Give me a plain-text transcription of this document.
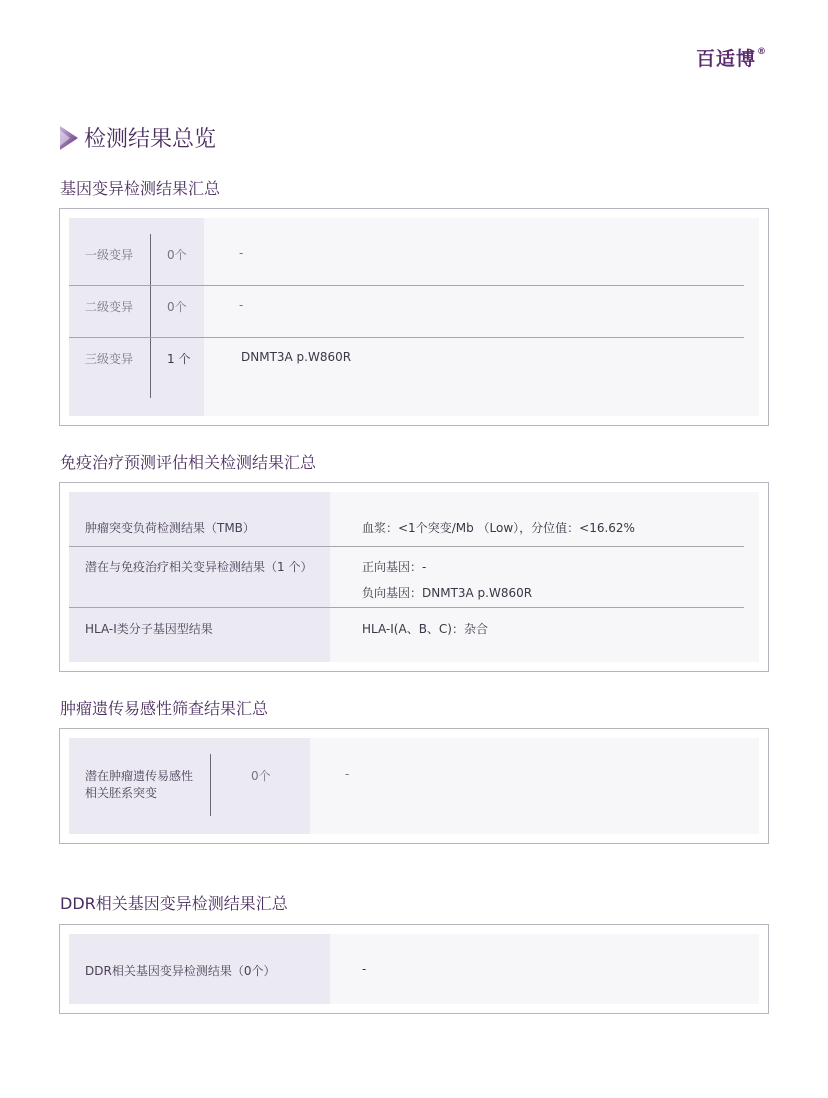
百适博®
检测结果总览
基因变异检测结果汇总
一级变异	0个	-
二级变异	0个	-
三级变异	1 个	DNMT3A p.W860R
免疫治疗预测评估相关检测结果汇总
肿瘤突变负荷检测结果（TMB）	血浆：<1个突变/Mb （Low），分位值：<16.62%
潜在与免疫治疗相关变异检测结果（1 个）	正向基因：-
负向基因：DNMT3A p.W860R
HLA-I类分子基因型结果	HLA-I(A、B、C)：杂合
肿瘤遗传易感性筛查结果汇总
潜在肿瘤遗传易感性
相关胚系突变
0个	-
DDR相关基因变异检测结果汇总
DDR相关基因变异检测结果（0个）	-
